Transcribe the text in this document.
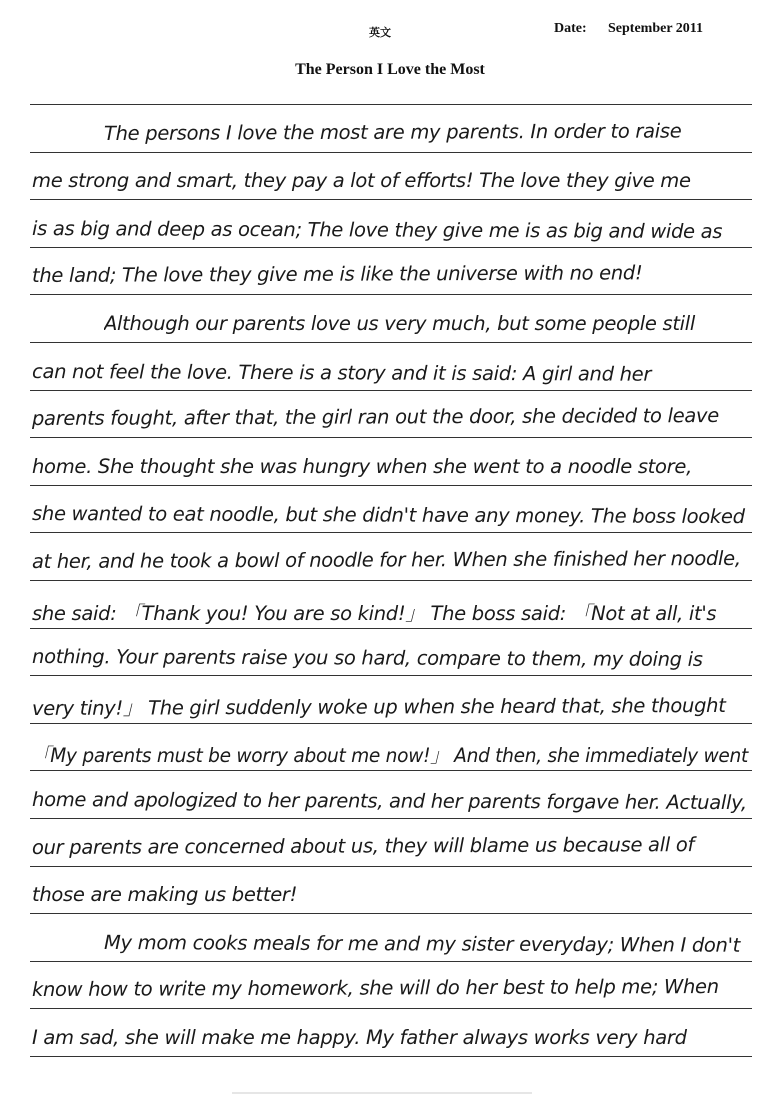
英文	Date: September 2011
The Person I Love the Most
The persons I love the most are my parents. In order to raise
me strong and smart, they pay a lot of efforts! The love they give me
is as big and deep as ocean; The love they give me is as big and wide as
the land; The love they give me is like the universe with no end!
Although our parents love us very much, but some people still
can not feel the love. There is a story and it is said: A girl and her
parents fought, after that, the girl ran out the door, she decided to leave
home. She thought she was hungry when she went to a noodle store,
she wanted to eat noodle, but she didn't have any money. The boss looked
at her, and he took a bowl of noodle for her. When she finished her noodle,
she said: 「Thank you! You are so kind!」 The boss said: 「Not at all, it's
nothing. Your parents raise you so hard, compare to them, my doing is
very tiny!」 The girl suddenly woke up when she heard that, she thought
「My parents must be worry about me now!」 And then, she immediately went
home and apologized to her parents, and her parents forgave her. Actually,
our parents are concerned about us, they will blame us because all of
those are making us better!
My mom cooks meals for me and my sister everyday; When I don't
know how to write my homework, she will do her best to help me; When
I am sad, she will make me happy. My father always works very hard
